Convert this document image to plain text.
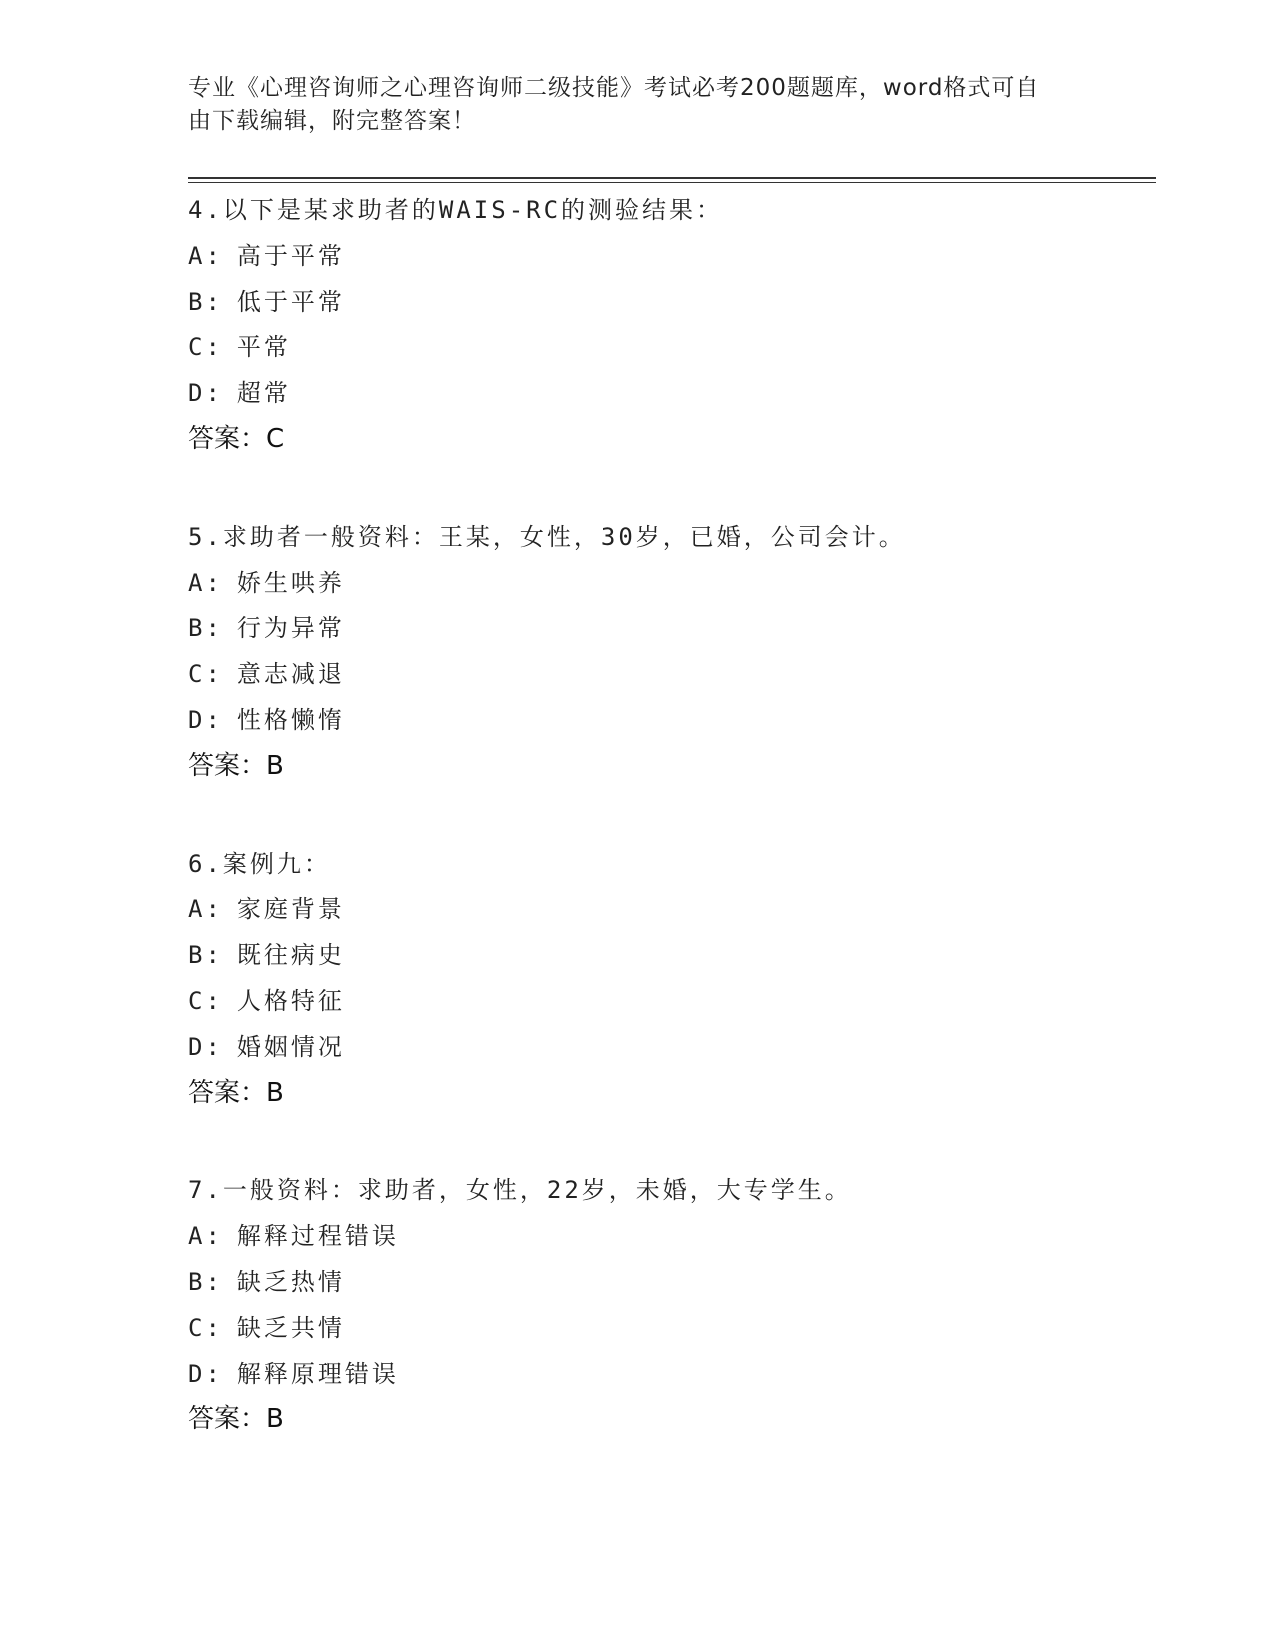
专业《心理咨询师之心理咨询师二级技能》考试必考200题题库，word格式可自
由下载编辑，附完整答案！
4.以下是某求助者的WAIS-RC的测验结果：
A: 高于平常
B: 低于平常
C: 平常
D: 超常
答案：C
5.求助者一般资料：王某，女性，30岁，已婚，公司会计。
A: 娇生哄养
B: 行为异常
C: 意志减退
D: 性格懒惰
答案：B
6.案例九：
A: 家庭背景
B: 既往病史
C: 人格特征
D: 婚姻情况
答案：B
7.一般资料：求助者，女性，22岁，未婚，大专学生。
A: 解释过程错误
B: 缺乏热情
C: 缺乏共情
D: 解释原理错误
答案：B
